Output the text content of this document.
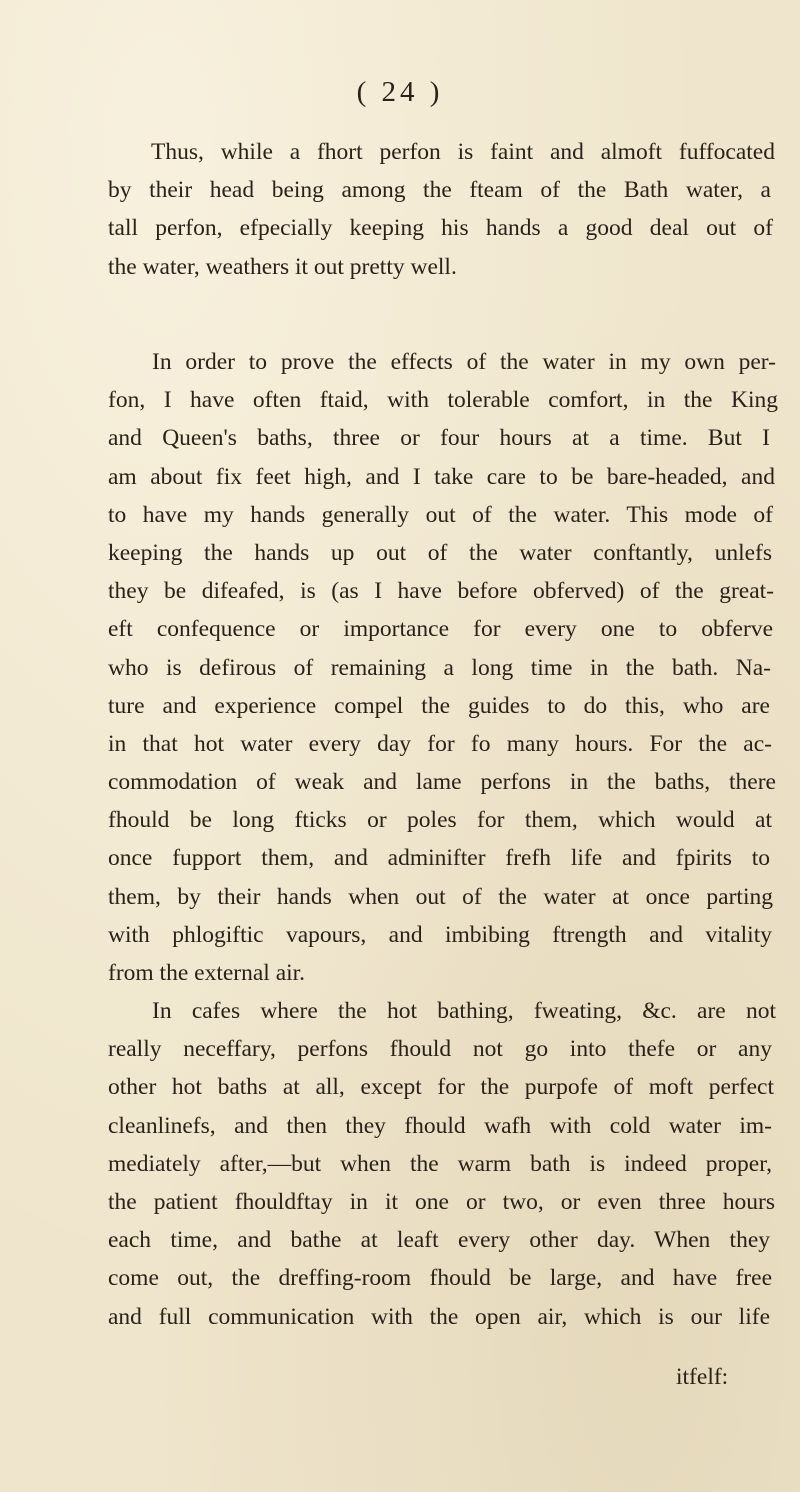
( 24 )
Thus, while a fhort perfon is faint and almoft fuffocated
by their head being among the fteam of the Bath water, a
tall perfon, efpecially keeping his hands a good deal out of
the water, weathers it out pretty well.
In order to prove the effects of the water in my own per-
fon, I have often ftaid, with tolerable comfort, in the King
and Queen's baths, three or four hours at a time. But I
am about fix feet high, and I take care to be bare-headed, and
to have my hands generally out of the water. This mode of
keeping the hands up out of the water conftantly, unlefs
they be difeafed, is (as I have before obferved) of the great-
eft confequence or importance for every one to obferve
who is defirous of remaining a long time in the bath. Na-
ture and experience compel the guides to do this, who are
in that hot water every day for fo many hours. For the ac-
commodation of weak and lame perfons in the baths, there
fhould be long fticks or poles for them, which would at
once fupport them, and adminifter frefh life and fpirits to
them, by their hands when out of the water at once parting
with phlogiftic vapours, and imbibing ftrength and vitality
from the external air.
In cafes where the hot bathing, fweating, &c. are not
really neceffary, perfons fhould not go into thefe or any
other hot baths at all, except for the purpofe of moft perfect
cleanlinefs, and then they fhould wafh with cold water im-
mediately after,—but when the warm bath is indeed proper,
the patient fhouldftay in it one or two, or even three hours
each time, and bathe at leaft every other day. When they
come out, the dreffing-room fhould be large, and have free
and full communication with the open air, which is our life
itfelf:
